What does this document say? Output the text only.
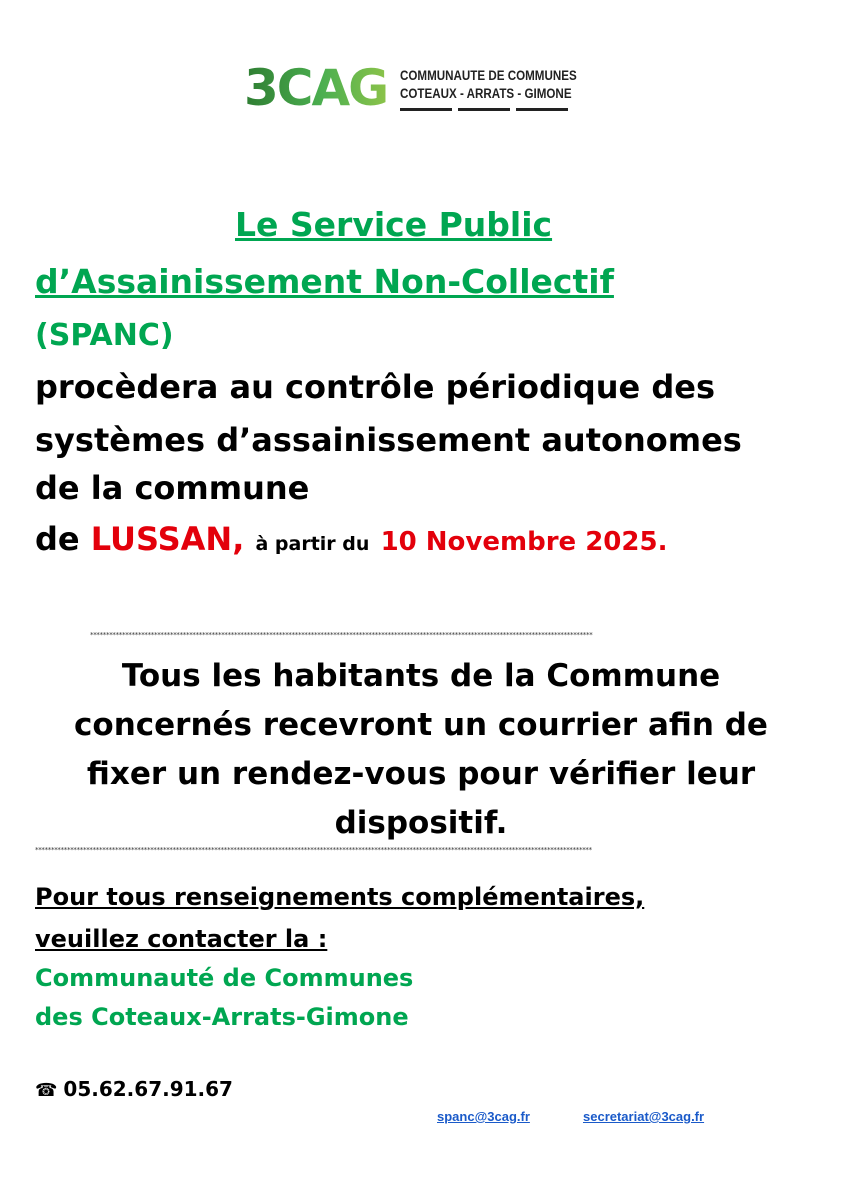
3CAG COMMUNAUTE DE COMMUNES
COTEAUX - ARRATS - GIMONE
Le Service Public
d’Assainissement Non-Collectif
(SPANC)
procèdera au contrôle périodique des
systèmes d’assainissement autonomes
de la commune
de LUSSAN, à partir du 10 Novembre 2025.
*************************************************************************************************************************************************************
Tous les habitants de la Commune
concernés recevront un courrier afin de
fixer un rendez-vous pour vérifier leur
dispositif.
******************************************************************************************************************************************************************************
Pour tous renseignements complémentaires,
veuillez contacter la :
Communauté de Communes
des Coteaux-Arrats-Gimone
☎ 05.62.67.91.67
spanc@3cag.fr	secretariat@3cag.fr
